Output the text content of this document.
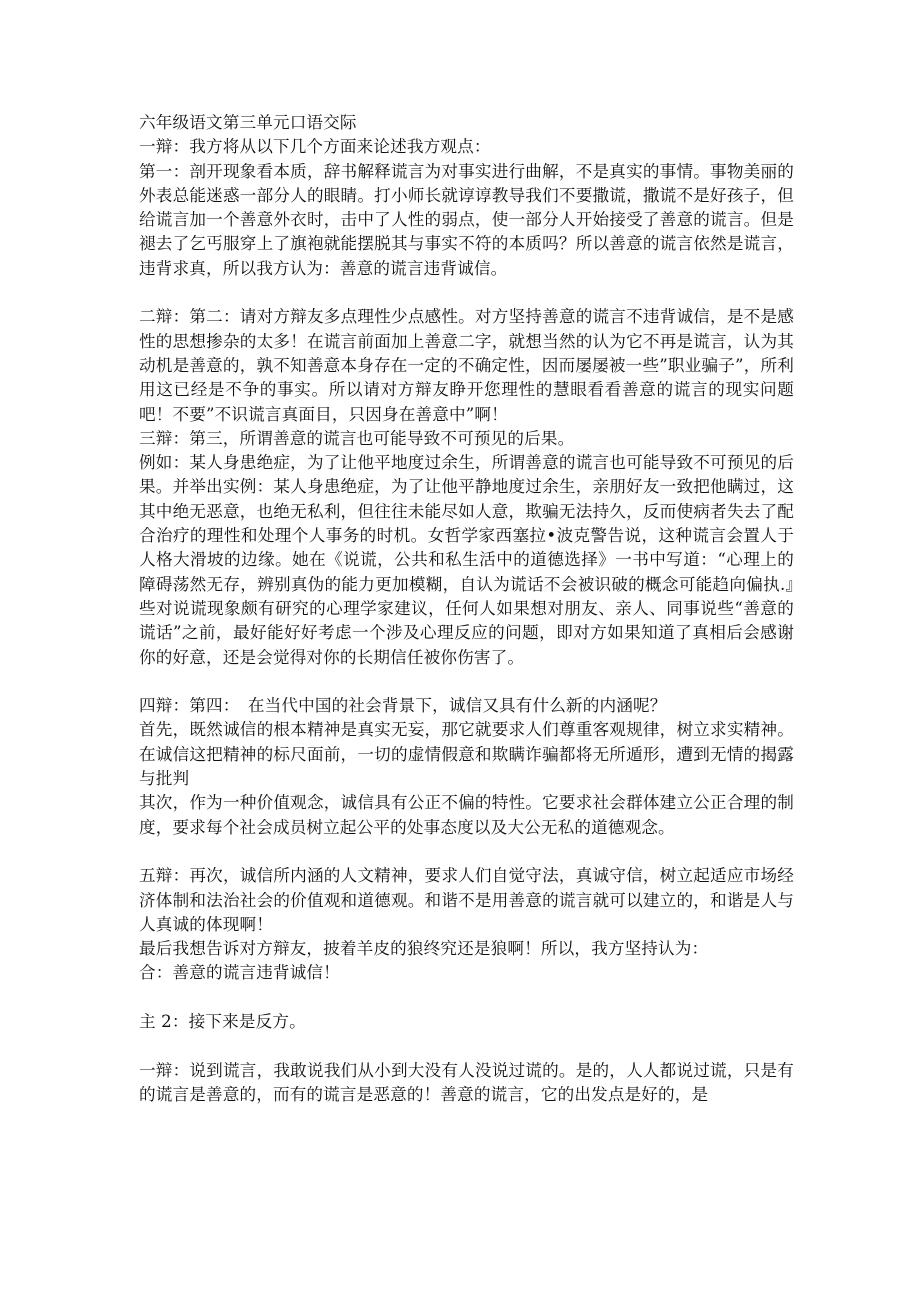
六年级语文第三单元口语交际

一辩：我方将从以下几个方面来论述我方观点：

第一：剖开现象看本质，辞书解释谎言为对事实进行曲解，不是真实的事情。事物美丽的外表总能迷惑一部分人的眼睛。打小师长就谆谆教导我们不要撒谎，撒谎不是好孩子，但给谎言加一个善意外衣时，击中了人性的弱点，使一部分人开始接受了善意的谎言。但是褪去了乞丐服穿上了旗袍就能摆脱其与事实不符的本质吗？所以善意的谎言依然是谎言，违背求真，所以我方认为：善意的谎言违背诚信。

二辩：第二：请对方辩友多点理性少点感性。对方坚持善意的谎言不违背诚信，是不是感性的思想掺杂的太多！在谎言前面加上善意二字，就想当然的认为它不再是谎言，认为其动机是善意的，孰不知善意本身存在一定的不确定性，因而屡屡被一些”职业骗子”，所利用这已经是不争的事实。所以请对方辩友睁开您理性的慧眼看看善意的谎言的现实问题吧！不要”不识谎言真面目，只因身在善意中”啊！

三辩：第三，所谓善意的谎言也可能导致不可预见的后果。

例如：某人身患绝症，为了让他平地度过余生，所谓善意的谎言也可能导致不可预见的后果。并举出实例：某人身患绝症，为了让他平静地度过余生，亲朋好友一致把他瞒过，这其中绝无恶意，也绝无私利，但往往未能尽如人意，欺骗无法持久，反而使病者失去了配合治疗的理性和处理个人事务的时机。女哲学家西塞拉•波克警告说，这种谎言会置人于人格大滑坡的边缘。她在《说谎，公共和私生活中的道德选择》一书中写道：“心理上的障碍荡然无存，辨别真伪的能力更加模糊，自认为谎话不会被识破的概念可能趋向偏执.』些对说谎现象颇有研究的心理学家建议，任何人如果想对朋友、亲人、同事说些“善意的谎话”之前，最好能好好考虑一个涉及心理反应的问题，即对方如果知道了真相后会感谢你的好意，还是会觉得对你的长期信任被你伤害了。

四辩：第四：　在当代中国的社会背景下，诚信又具有什么新的内涵呢？

首先，既然诚信的根本精神是真实无妄，那它就要求人们尊重客观规律，树立求实精神。在诚信这把精神的标尺面前，一切的虚情假意和欺瞒诈骗都将无所遁形，遭到无情的揭露与批判

其次，作为一种价值观念，诚信具有公正不偏的特性。它要求社会群体建立公正合理的制度，要求每个社会成员树立起公平的处事态度以及大公无私的道德观念。

五辩：再次，诚信所内涵的人文精神，要求人们自觉守法，真诚守信，树立起适应市场经济体制和法治社会的价值观和道德观。和谐不是用善意的谎言就可以建立的，和谐是人与人真诚的体现啊！

最后我想告诉对方辩友，披着羊皮的狼终究还是狼啊！所以，我方坚持认为：

合：善意的谎言违背诚信！

主 2：接下来是反方。

一辩：说到谎言，我敢说我们从小到大没有人没说过谎的。是的，人人都说过谎，只是有的谎言是善意的，而有的谎言是恶意的！善意的谎言，它的出发点是好的，是
